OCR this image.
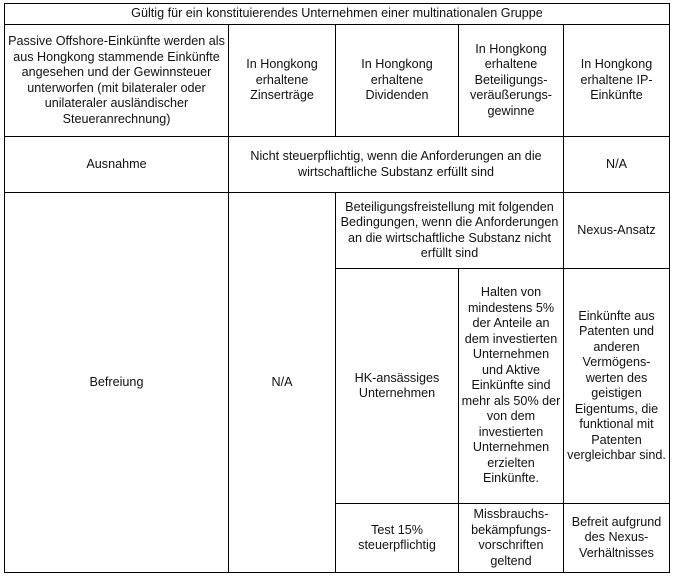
Gültig für ein konstituierendes Unternehmen einer multinationalen Gruppe				
Passive Offshore-Einkünfte werden als aus Hongkong stammende Einkünfte angesehen und der Gewinnsteuer unterworfen (mit bilateraler oder unilateraler ausländischer Steueranrechnung)	In Hongkong erhaltene Zinserträge	In Hongkong erhaltene Dividenden	In Hongkong erhaltene Beteiligungs-veräußerungs-gewinne	In Hongkong erhaltene IP-Einkünfte
Ausnahme	Nicht steuerpflichtig, wenn die Anforderungen an die wirtschaftliche Substanz erfüllt sind			N/A
Befreiung	N/A	Beteiligungsfreistellung mit folgenden Bedingungen, wenn die Anforderungen an die wirtschaftliche Substanz nicht erfüllt sind		Nexus-Ansatz
		HK-ansässiges Unternehmen	Halten von mindestens 5% der Anteile an dem investierten Unternehmen und Aktive Einkünfte sind mehr als 50% der von dem investierten Unternehmen erzielten Einkünfte.	Einkünfte aus Patenten und anderen Vermögens-werten des geistigen Eigentums, die funktional mit Patenten vergleichbar sind.
		Test 15% steuerpflichtig	Missbrauchs-bekämpfungs-vorschriften geltend	Befreit aufgrund des Nexus-Verhältnisses
